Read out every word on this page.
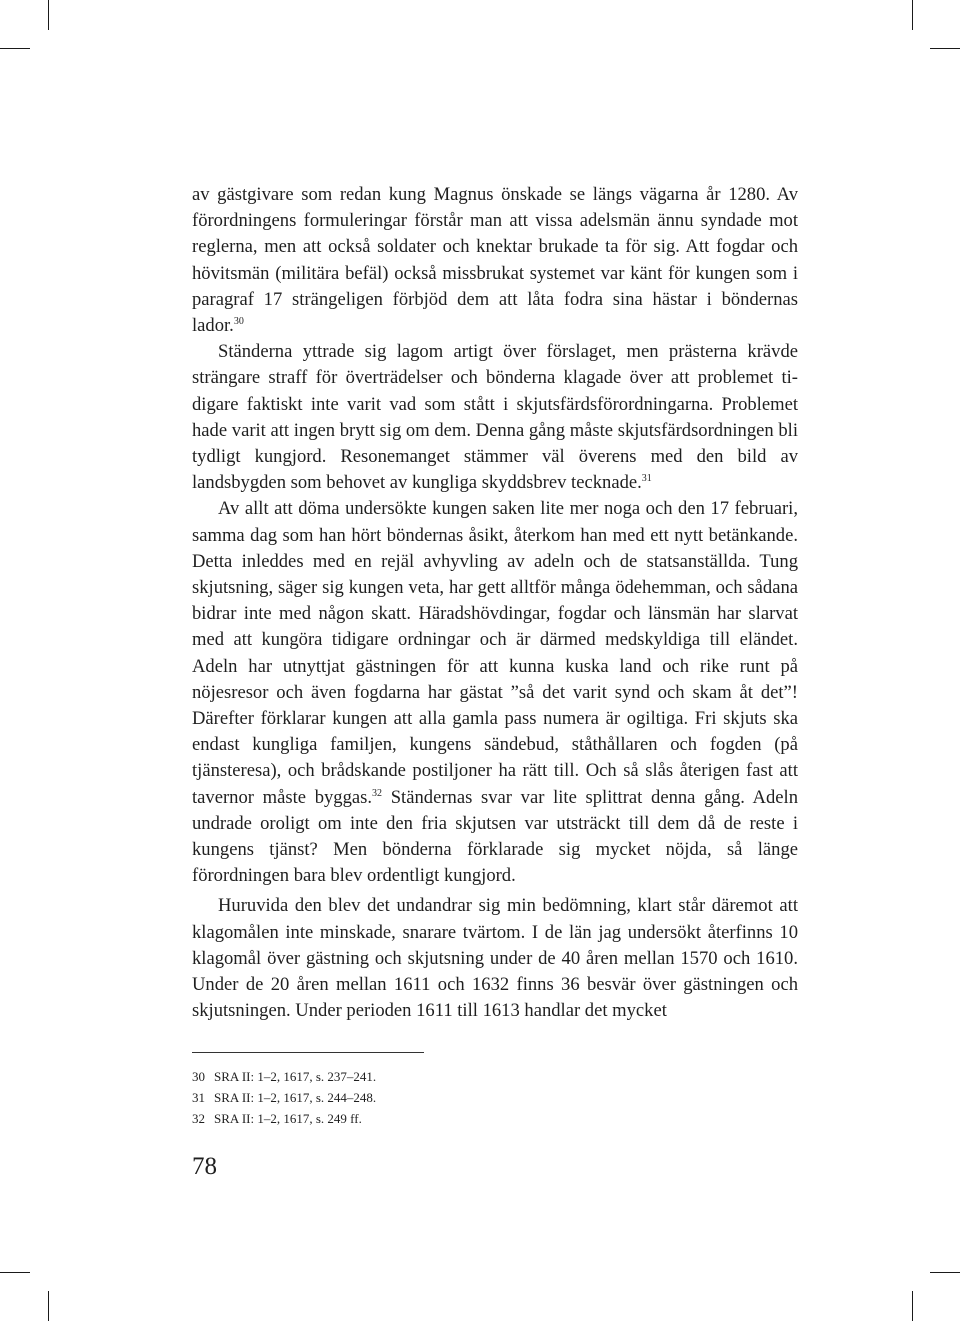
av gästgivare som redan kung Magnus önskade se längs vägarna år 1280. Av förordningens formuleringar förstår man att vissa adelsmän ännu syndade mot reglerna, men att också soldater och knektar brukade ta för sig. Att fogdar och hövitsmän (militära befäl) också missbrukat systemet var känt för kungen som i paragraf 17 strängeligen förbjöd dem att låta fodra sina hästar i böndernas lador.$^{30}$

Ständerna yttrade sig lagom artigt över förslaget, men prästerna krävde strängare straff för överträdelser och bönderna klagade över att problemet tidigare faktiskt inte varit vad som stått i skjutsfärdsförordningarna. Problemet hade varit att ingen brytt sig om dem. Denna gång måste skjutsfärdsordningen bli tydligt kungjord. Resonemanget stämmer väl överens med den bild av landsbygden som behovet av kungliga skyddsbrev tecknade.$^{31}$

Av allt att döma undersökte kungen saken lite mer noga och den 17 februari, samma dag som han hört böndernas åsikt, återkom han med ett nytt betänkande. Detta inleddes med en rejäl avhyvling av adeln och de statsanställda. Tung skjutsning, säger sig kungen veta, har gett alltför många ödehemman, och sådana bidrar inte med någon skatt. Häradshövdingar, fogdar och länsmän har slarvat med att kungöra tidigare ordningar och är därmed medskyldiga till eländet. Adeln har utnyttjat gästningen för att kunna kuska land och rike runt på nöjesresor och även fogdarna har gästat ”så det varit synd och skam åt det”! Därefter förklarar kungen att alla gamla pass numera är ogiltiga. Fri skjuts ska endast kungliga familjen, kungens sändebud, ståthållaren och fogden (på tjänsteresa), och brådskande postiljoner ha rätt till. Och så slås återigen fast att tavernor måste byggas.$^{32}$ Ständernas svar var lite splittrat denna gång. Adeln undrade oroligt om inte den fria skjutsen var utsträckt till dem då de reste i kungens tjänst? Men bönderna förklarade sig mycket nöjda, så länge förordningen bara blev ordentligt kungjord.

Huruvida den blev det undandrar sig min bedömning, klart står däremot att klagomålen inte minskade, snarare tvärtom. I de län jag undersökt återfinns 10 klagomål över gästning och skjutsning under de 40 åren mellan 1570 och 1610. Under de 20 åren mellan 1611 och 1632 finns 36 besvär över gästningen och skjutsningen. Under perioden 1611 till 1613 handlar det mycket

30 SRA II: 1–2, 1617, s. 237–241.
31 SRA II: 1–2, 1617, s. 244–248.
32 SRA II: 1–2, 1617, s. 249 ff.
78
